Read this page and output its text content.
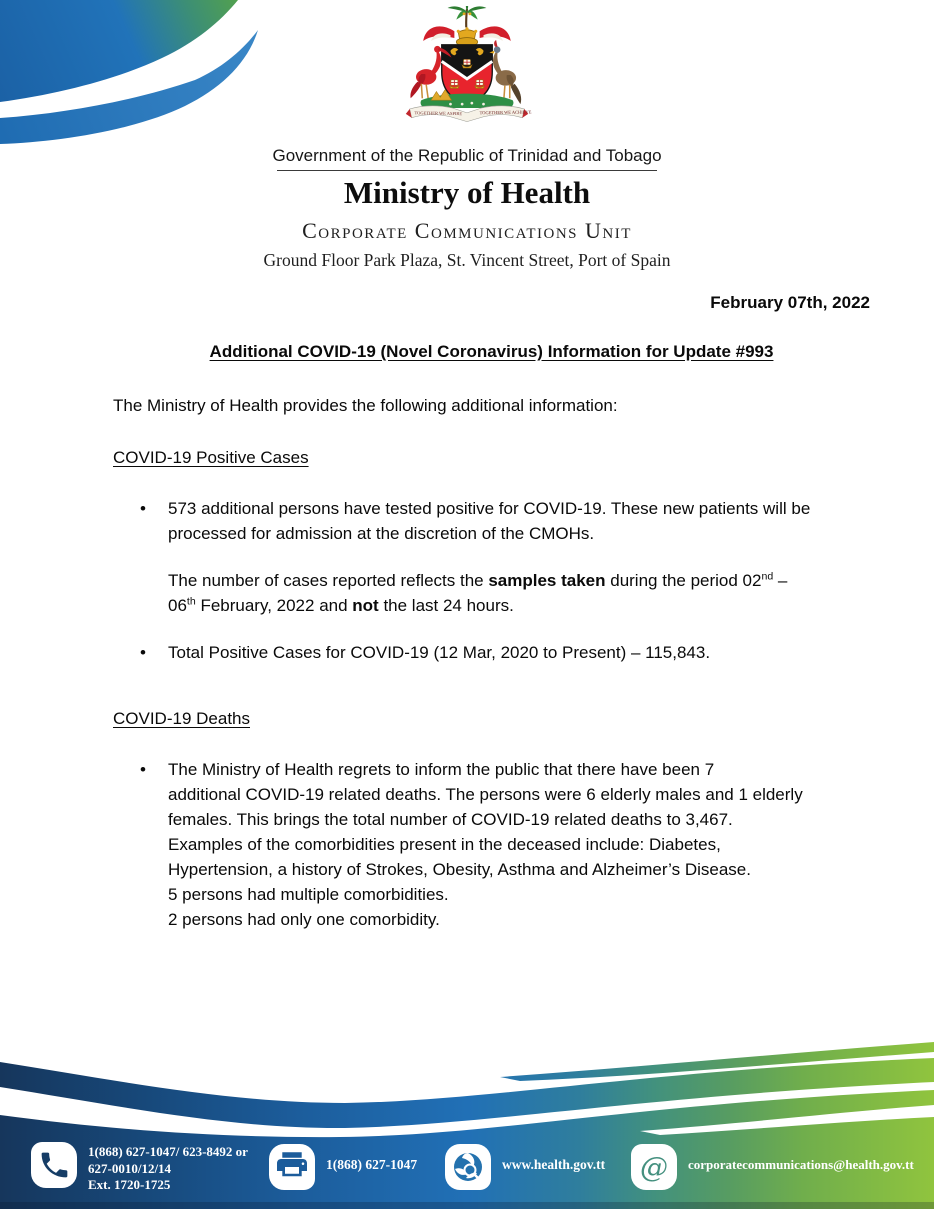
TOGETHER WE ASPIRE	TOGETHER WE ACHIEVE
Government of the Republic of Trinidad and Tobago
Ministry of Health
Corporate Communications Unit
Ground Floor Park Plaza, St. Vincent Street, Port of Spain
February 07th, 2022
Additional COVID-19 (Novel Coronavirus) Information for Update #993
The Ministry of Health provides the following additional information:
COVID-19 Positive Cases
•	573 additional persons have tested positive for COVID-19. These new patients will be processed for admission at the discretion of the CMOHs.
The number of cases reported reflects the samples taken during the period 02nd –
06th February, 2022 and not the last 24 hours.
•	Total Positive Cases for COVID-19 (12 Mar, 2020 to Present) – 115,843.
COVID-19 Deaths
•	The Ministry of Health regrets to inform the public that there have been 7
additional COVID-19 related deaths. The persons were 6 elderly males and 1 elderly
females. This brings the total number of COVID-19 related deaths to 3,467.
Examples of the comorbidities present in the deceased include: Diabetes,
Hypertension, a history of Strokes, Obesity, Asthma and Alzheimer’s Disease.
5 persons had multiple comorbidities.
2 persons had only one comorbidity.
1(868) 627-1047/ 623-8492 or
627-0010/12/14
Ext. 1720-1725
1(868) 627-1047	www.health.gov.tt @ corporatecommunications@health.gov.tt
